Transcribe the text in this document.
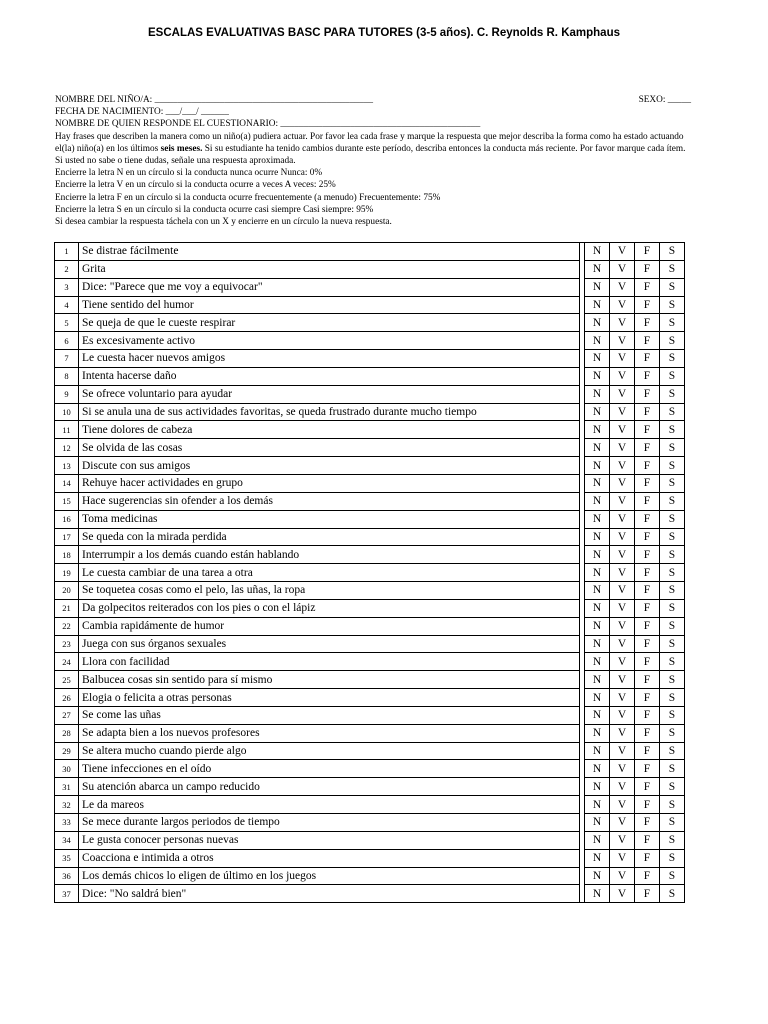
ESCALAS EVALUATIVAS BASC PARA TUTORES (3-5 años). C. Reynolds R. Kamphaus
NOMBRE DEL NIÑO/A: _______________________________________________	SEXO: _____
FECHA DE NACIMIENTO: ___/___/ ______
NOMBRE DE QUIEN RESPONDE EL CUESTIONARIO: ___________________________________________
Hay frases que describen la manera como un niño(a) pudiera actuar. Por favor lea cada frase y marque la respuesta que mejor describa la forma como ha estado actuando el(la) niño(a) en los últimos seis meses. Si su estudiante ha tenido cambios durante este período, describa entonces la conducta más reciente. Por favor marque cada ítem. Si usted no sabe o tiene dudas, señale una respuesta aproximada.
Encierre la letra N en un círculo si la conducta nunca ocurre Nunca: 0%
Encierre la letra V en un círculo si la conducta ocurre a veces A veces: 25%
Encierre la letra F en un círculo si la conducta ocurre frecuentemente (a menudo) Frecuentemente: 75%
Encierre la letra S en un círculo si la conducta ocurre casi siempre Casi siempre: 95%
Si desea cambiar la respuesta táchela con un X y encierre en un círculo la nueva respuesta.
1	Se distrae fácilmente		N	V	F	S
2	Grita		N	V	F	S
3	Dice: "Parece que me voy a equivocar"		N	V	F	S
4	Tiene sentido del humor		N	V	F	S
5	Se queja de que le cueste respirar		N	V	F	S
6	Es excesivamente activo		N	V	F	S
7	Le cuesta hacer nuevos amigos		N	V	F	S
8	Intenta hacerse daño		N	V	F	S
9	Se ofrece voluntario para ayudar		N	V	F	S
10	Si se anula una de sus actividades favoritas, se queda frustrado durante mucho tiempo		N	V	F	S
11	Tiene dolores de cabeza		N	V	F	S
12	Se olvida de las cosas		N	V	F	S
13	Discute con sus amigos		N	V	F	S
14	Rehuye hacer actividades en grupo		N	V	F	S
15	Hace sugerencias sin ofender a los demás		N	V	F	S
16	Toma medicinas		N	V	F	S
17	Se queda con la mirada perdida		N	V	F	S
18	Interrumpir a los demás cuando están hablando		N	V	F	S
19	Le cuesta cambiar de una tarea a otra		N	V	F	S
20	Se toquetea cosas como el pelo, las uñas, la ropa		N	V	F	S
21	Da golpecitos reiterados con los pies o con el lápiz		N	V	F	S
22	Cambia rapidámente de humor		N	V	F	S
23	Juega con sus órganos sexuales		N	V	F	S
24	Llora con facilidad		N	V	F	S
25	Balbucea cosas sin sentido para sí mismo		N	V	F	S
26	Elogia o felicita a otras personas		N	V	F	S
27	Se come las uñas		N	V	F	S
28	Se adapta bien a los nuevos profesores		N	V	F	S
29	Se altera mucho cuando pierde algo		N	V	F	S
30	Tiene infecciones en el oído		N	V	F	S
31	Su atención abarca un campo reducido		N	V	F	S
32	Le da mareos		N	V	F	S
33	Se mece durante largos periodos de tiempo		N	V	F	S
34	Le gusta conocer personas nuevas		N	V	F	S
35	Coacciona e intimida a otros		N	V	F	S
36	Los demás chicos lo eligen de último en los juegos		N	V	F	S
37	Dice: "No saldrá bien"		N	V	F	S
